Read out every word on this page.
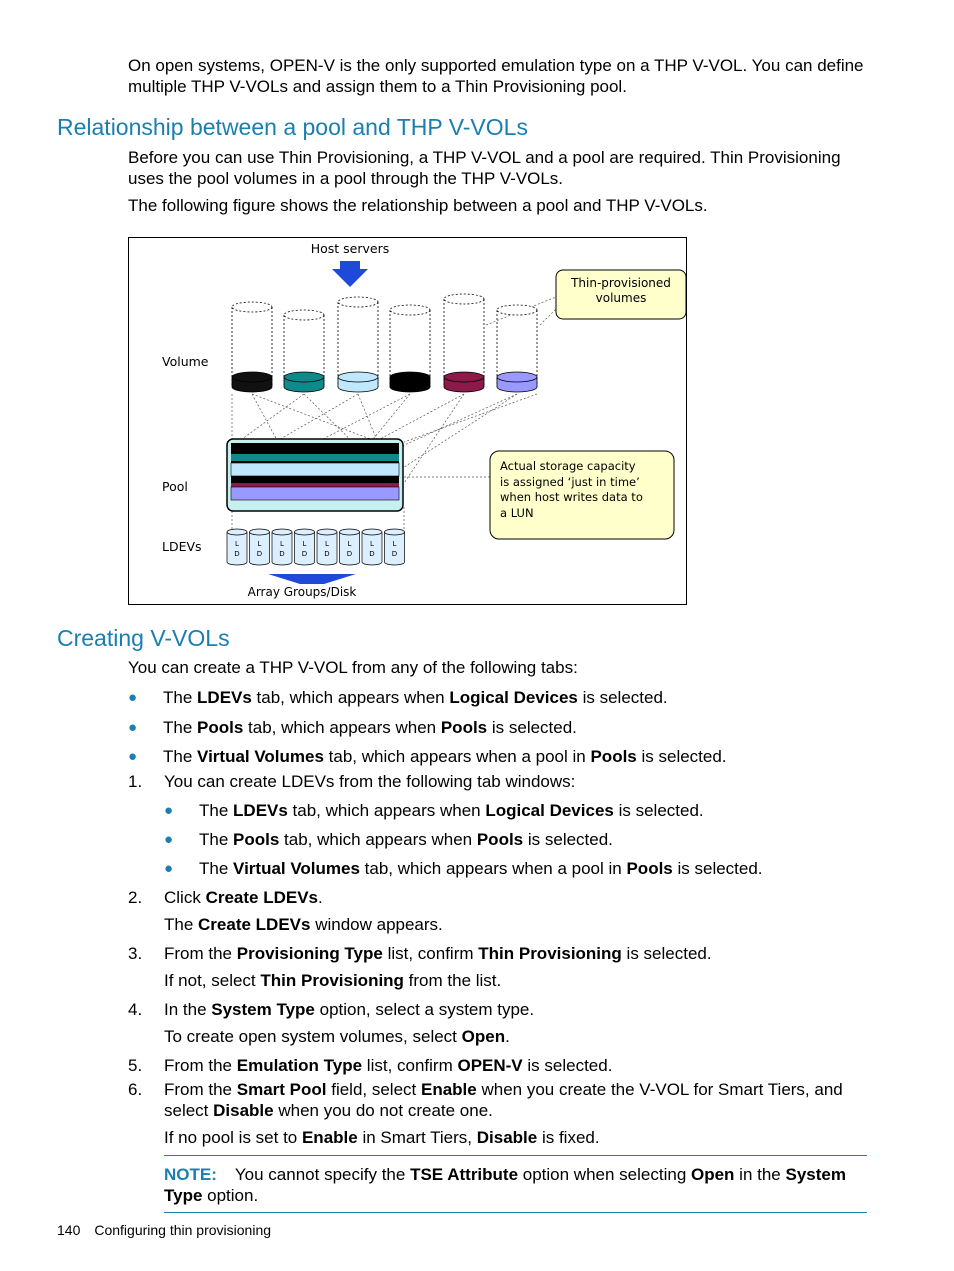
On open systems, OPEN-V is the only supported emulation type on a THP V-VOL. You can define multiple THP V-VOLs and assign them to a Thin Provisioning pool.

Relationship between a pool and THP V-VOLs

Before you can use Thin Provisioning, a THP V-VOL and a pool are required. Thin Provisioning uses the pool volumes in a pool through the THP V-VOLs.

The following figure shows the relationship between a pool and THP V-VOLs.

Host servers
Thin-provisioned
volumes
Volume
Pool
LDEVs
Actual storage capacity
is assigned ‘just in time’
when host writes data to
a LUN
L
D
L
D
L
D
L
D
L
D
L
D
L
D
L
D
Array Groups/Disk
Creating V-VOLs

You can create a THP V-VOL from any of the following tabs:

● The LDEVs tab, which appears when Logical Devices is selected.
● The Pools tab, which appears when Pools is selected.
● The Virtual Volumes tab, which appears when a pool in Pools is selected.
1. You can create LDEVs from the following tab windows:
● The LDEVs tab, which appears when Logical Devices is selected.
● The Pools tab, which appears when Pools is selected.
● The Virtual Volumes tab, which appears when a pool in Pools is selected.
2. Click Create LDEVs.
The Create LDEVs window appears.
3. From the Provisioning Type list, confirm Thin Provisioning is selected.
If not, select Thin Provisioning from the list.
4. In the System Type option, select a system type.
To create open system volumes, select Open.
5. From the Emulation Type list, confirm OPEN-V is selected.
6. From the Smart Pool field, select Enable when you create the V-VOL for Smart Tiers, and select Disable when you do not create one.
If no pool is set to Enable in Smart Tiers, Disable is fixed.
NOTE: You cannot specify the TSE Attribute option when selecting Open in the System Type option.
140 Configuring thin provisioning
